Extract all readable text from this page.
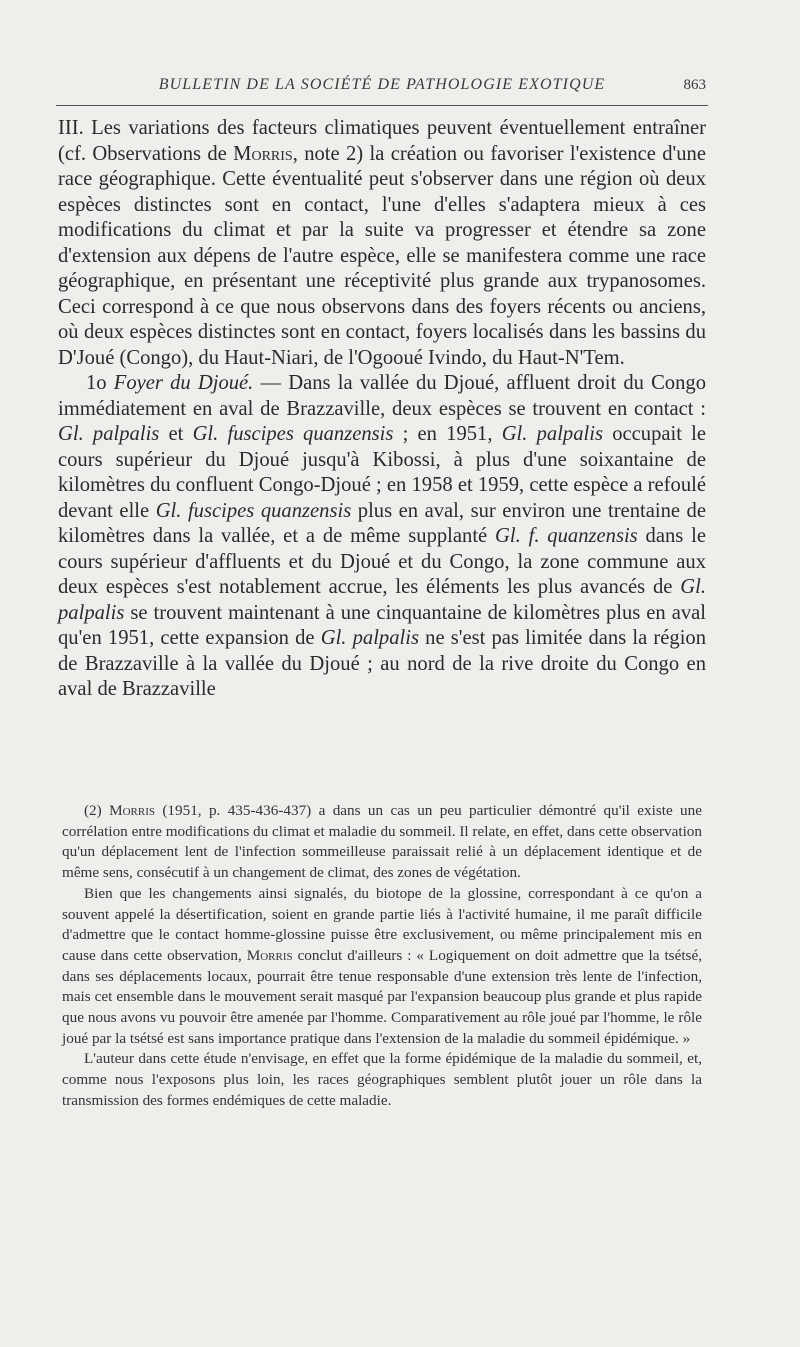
BULLETIN DE LA SOCIÉTÉ DE PATHOLOGIE EXOTIQUE	863

III. Les variations des facteurs climatiques peuvent éventuellement entraîner (cf. Observations de Morris, note 2) la création ou favoriser l'existence d'une race géographique. Cette éventualité peut s'observer dans une région où deux espèces distinctes sont en contact, l'une d'elles s'adaptera mieux à ces modifications du climat et par la suite va progresser et étendre sa zone d'extension aux dépens de l'autre espèce, elle se manifestera comme une race géographique, en présentant une réceptivité plus grande aux trypanosomes. Ceci correspond à ce que nous observons dans des foyers récents ou anciens, où deux espèces distinctes sont en contact, foyers localisés dans les bassins du D'Joué (Congo), du Haut-Niari, de l'Ogooué Ivindo, du Haut-N'Tem.

1o Foyer du Djoué. — Dans la vallée du Djoué, affluent droit du Congo immédiatement en aval de Brazzaville, deux espèces se trouvent en contact : Gl. palpalis et Gl. fuscipes quanzensis ; en 1951, Gl. palpalis occupait le cours supérieur du Djoué jusqu'à Kibossi, à plus d'une soixantaine de kilomètres du confluent Congo-Djoué ; en 1958 et 1959, cette espèce a refoulé devant elle Gl. fuscipes quanzensis plus en aval, sur environ une trentaine de kilomètres dans la vallée, et a de même supplanté Gl. f. quanzensis dans le cours supérieur d'affluents et du Djoué et du Congo, la zone commune aux deux espèces s'est notablement accrue, les éléments les plus avancés de Gl. palpalis se trouvent maintenant à une cinquantaine de kilomètres plus en aval qu'en 1951, cette expansion de Gl. palpalis ne s'est pas limitée dans la région de Brazzaville à la vallée du Djoué ; au nord de la rive droite du Congo en aval de Brazzaville

(2) Morris (1951, p. 435-436-437) a dans un cas un peu particulier démontré qu'il existe une corrélation entre modifications du climat et maladie du sommeil. Il relate, en effet, dans cette observation qu'un déplacement lent de l'infection sommeilleuse paraissait relié à un déplacement identique et de même sens, consécutif à un changement de climat, des zones de végétation.

Bien que les changements ainsi signalés, du biotope de la glossine, correspondant à ce qu'on a souvent appelé la désertification, soient en grande partie liés à l'activité humaine, il me paraît difficile d'admettre que le contact homme-glossine puisse être exclusivement, ou même principalement mis en cause dans cette observation, Morris conclut d'ailleurs : « Logiquement on doit admettre que la tsétsé, dans ses déplacements locaux, pourrait être tenue responsable d'une extension très lente de l'infection, mais cet ensemble dans le mouvement serait masqué par l'expansion beaucoup plus grande et plus rapide que nous avons vu pouvoir être amenée par l'homme. Comparativement au rôle joué par l'homme, le rôle joué par la tsétsé est sans importance pratique dans l'extension de la maladie du sommeil épidémique. »

L'auteur dans cette étude n'envisage, en effet que la forme épidémique de la maladie du sommeil, et, comme nous l'exposons plus loin, les races géographiques semblent plutôt jouer un rôle dans la transmission des formes endémiques de cette maladie.
